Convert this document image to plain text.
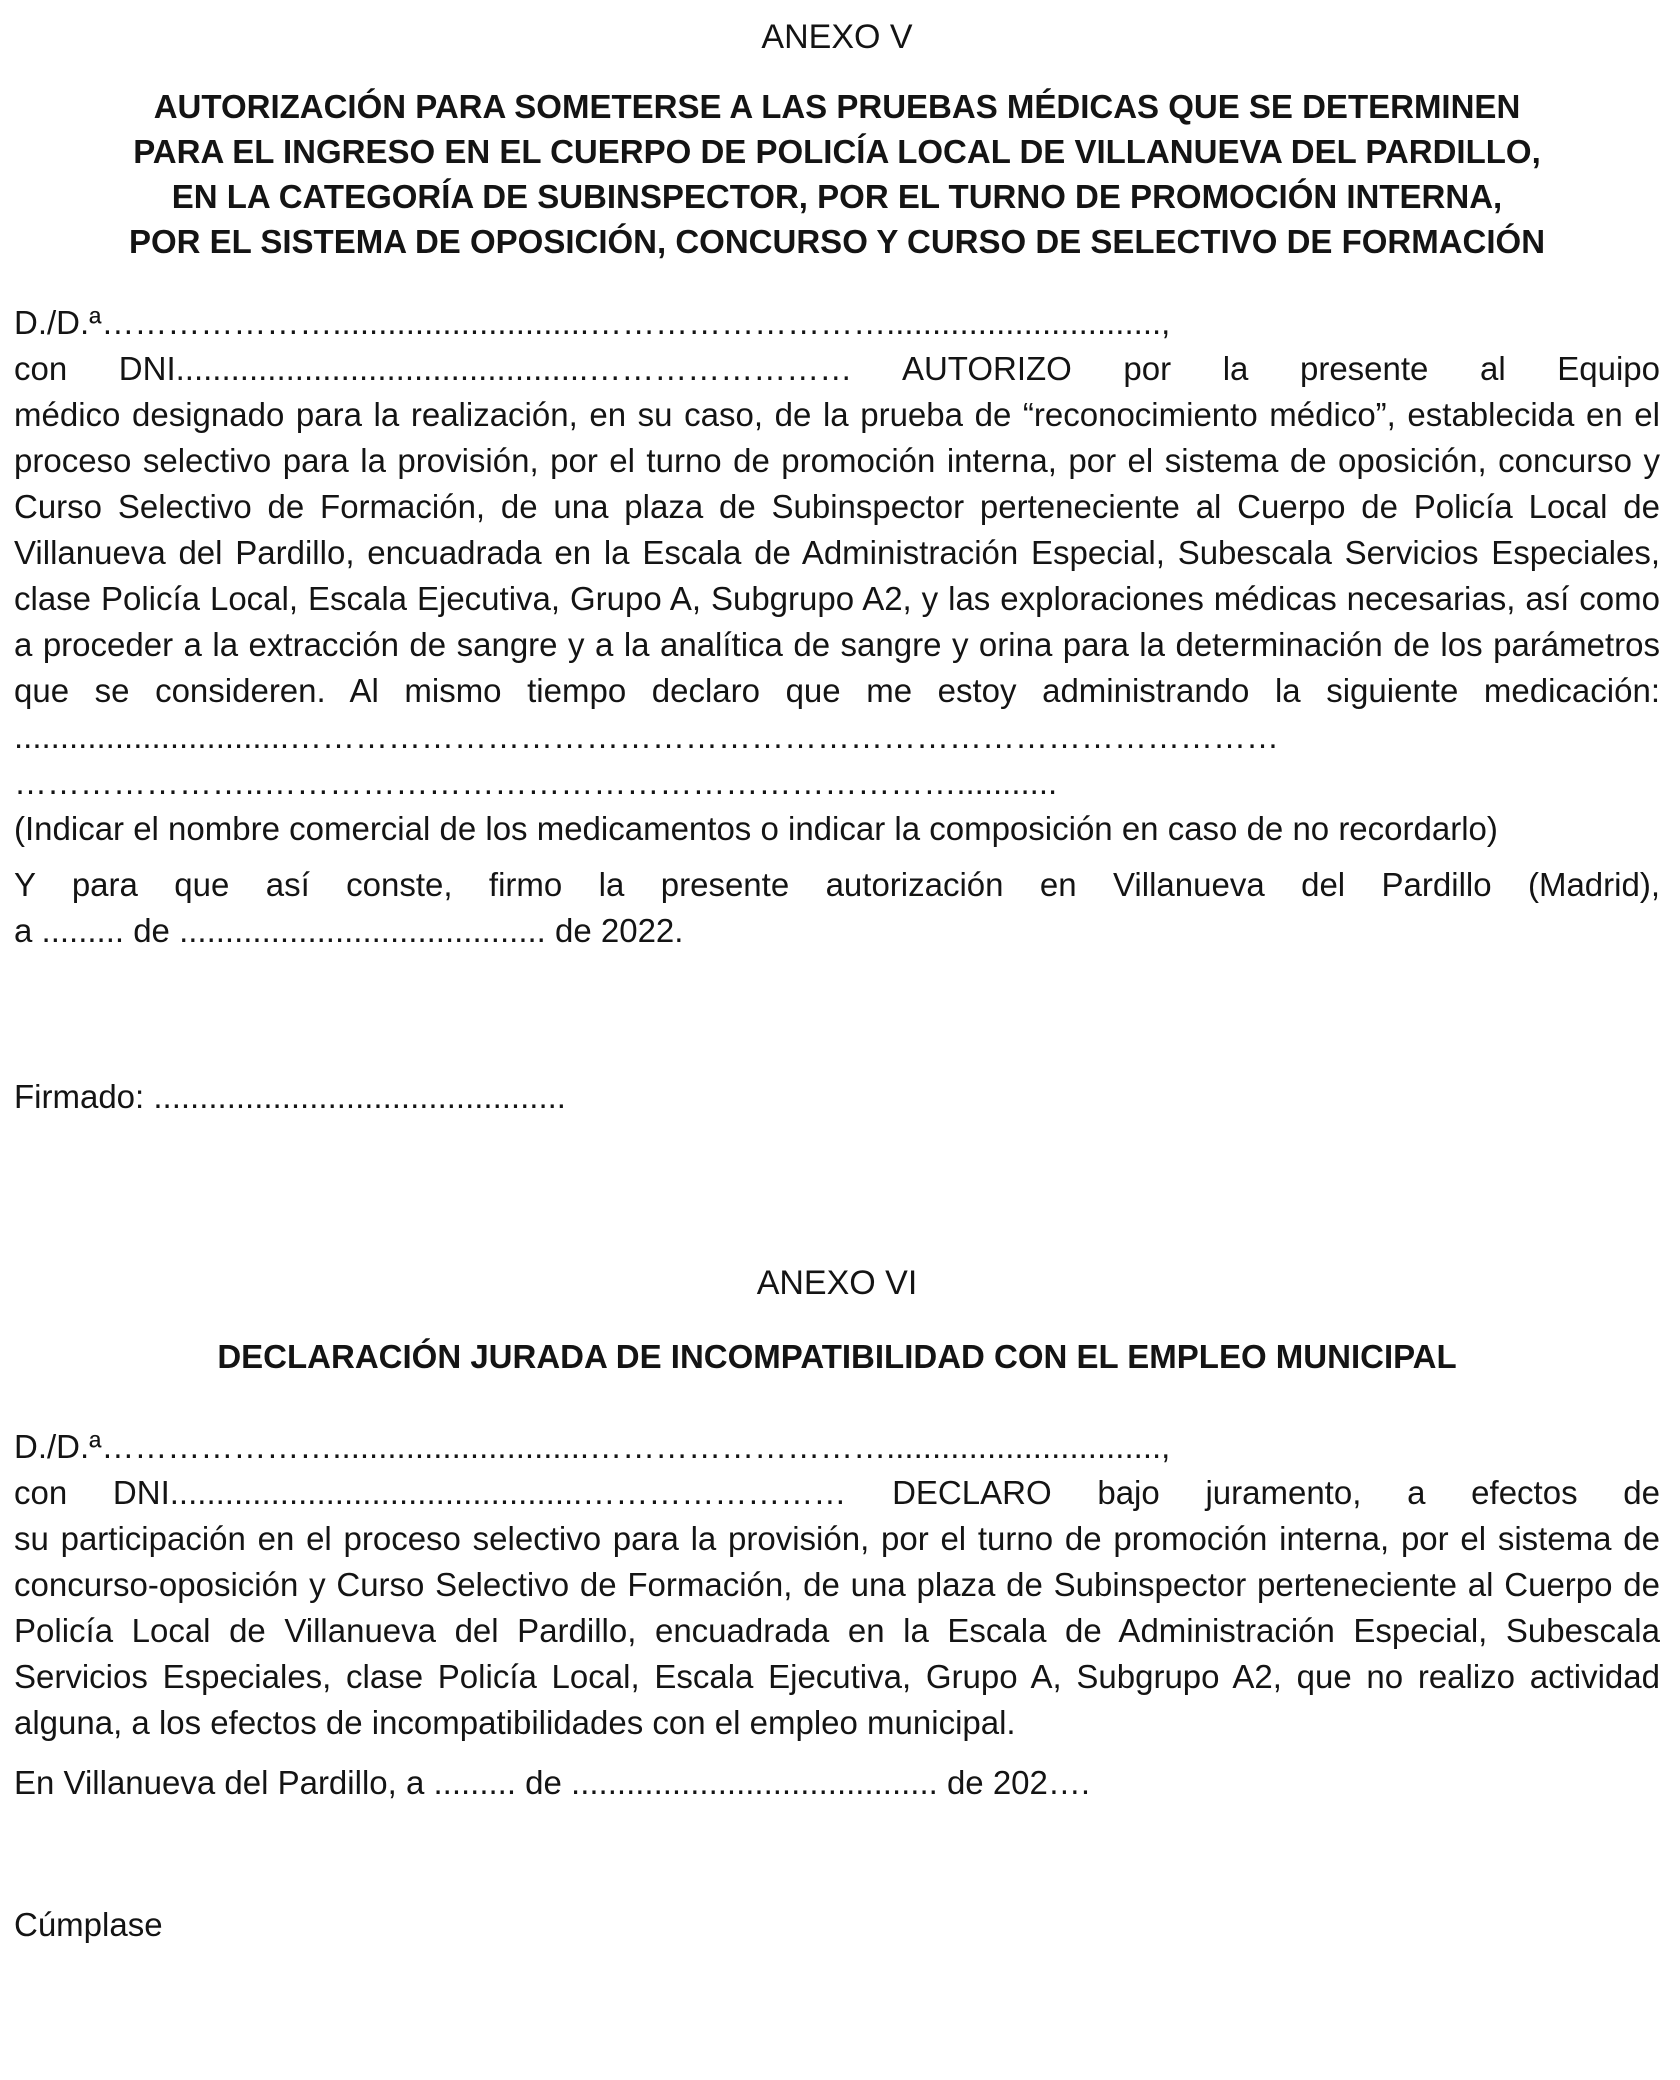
ANEXO V
AUTORIZACIÓN PARA SOMETERSE A LAS PRUEBAS MÉDICAS QUE SE DETERMINEN
PARA EL INGRESO EN EL CUERPO DE POLICÍA LOCAL DE VILLANUEVA DEL PARDILLO,
EN LA CATEGORÍA DE SUBINSPECTOR, POR EL TURNO DE PROMOCIÓN INTERNA,
POR EL SISTEMA DE OPOSICIÓN, CONCURSO Y CURSO DE SELECTIVO DE FORMACIÓN
D./D.ª…………………............................………………………..............................,
con DNI.............................................…………………… AUTORIZO por la presente al Equipo
médico designado para la realización, en su caso, de la prueba de “reconocimiento médico”, establecida en el proceso selectivo para la provisión, por el turno de promoción interna, por el sistema de oposición, concurso y Curso Selectivo de Formación, de una plaza de Subinspector perteneciente al Cuerpo de Policía Local de Villanueva del Pardillo, encuadrada en la Escala de Administración Especial, Subescala Servicios Especiales, clase Policía Local, Escala Ejecutiva, Grupo A, Subgrupo A2, y las exploraciones médicas necesarias, así como a proceder a la extracción de sangre y a la analítica de sangre y orina para la determinación de los parámetros que se consideren. Al mismo tiempo declaro que me estoy administrando la siguiente medicación:
..............................………………………………………………………………………………
…………………..………………………………………………………...........
(Indicar el nombre comercial de los medicamentos o indicar la composición en caso de no recordarlo)
Y para que así conste, firmo la presente autorización en Villanueva del Pardillo (Madrid),
a ......... de ........................................ de 2022.
Firmado: .............................................
ANEXO VI
DECLARACIÓN JURADA DE INCOMPATIBILIDAD CON EL EMPLEO MUNICIPAL
D./D.ª…………………............................………………………..............................,
con DNI.............................................…………………… DECLARO bajo juramento, a efectos de
su participación en el proceso selectivo para la provisión, por el turno de promoción interna, por el sistema de concurso-oposición y Curso Selectivo de Formación, de una plaza de Subinspector perteneciente al Cuerpo de Policía Local de Villanueva del Pardillo, encuadrada en la Escala de Administración Especial, Subescala Servicios Especiales, clase Policía Local, Escala Ejecutiva, Grupo A, Subgrupo A2, que no realizo actividad alguna, a los efectos de incompatibilidades con el empleo municipal.
En Villanueva del Pardillo, a ......... de ........................................ de 202….
Cúmplase
